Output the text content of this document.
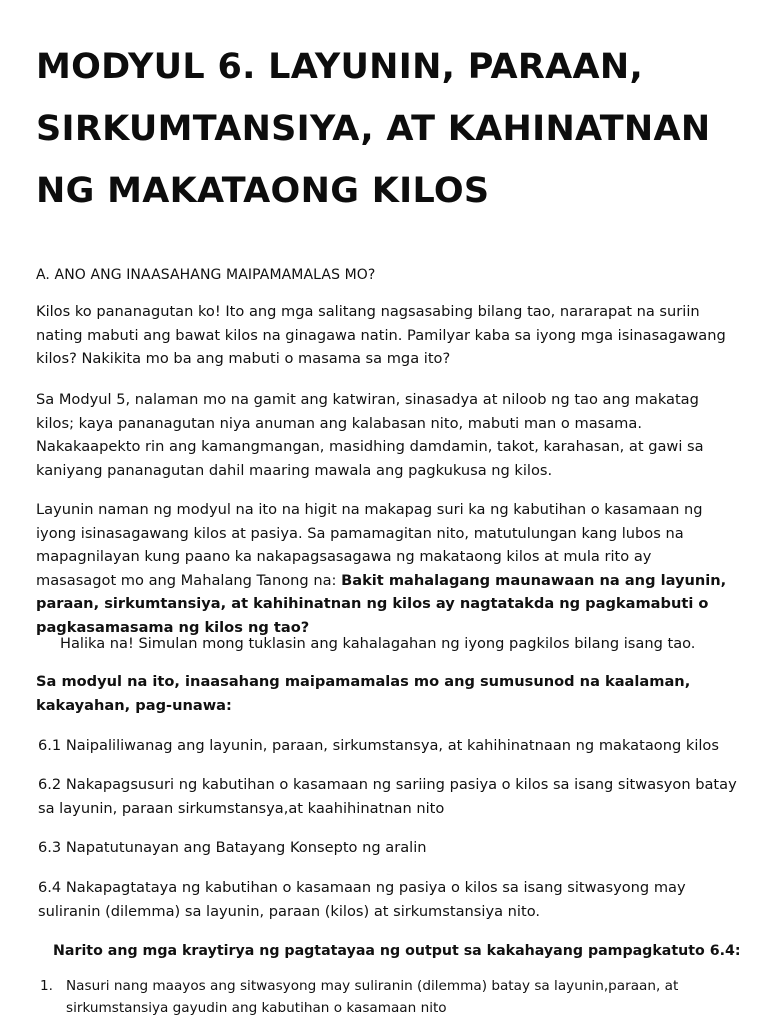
MODYUL 6. LAYUNIN, PARAAN,
SIRKUMTANSIYA, AT KAHINATNAN
NG MAKATAONG KILOS
A. ANO ANG INAASAHANG MAIPAMAMALAS MO?

Kilos ko pananagutan ko! Ito ang mga salitang nagsasabing bilang tao, nararapat na suriin nating mabuti ang bawat kilos na ginagawa natin. Pamilyar kaba sa iyong mga isinasagawang kilos? Nakikita mo ba ang mabuti o masama sa mga ito?

Sa Modyul 5, nalaman mo na gamit ang katwiran, sinasadya at niloob ng tao ang makatag kilos; kaya pananagutan niya anuman ang kalabasan nito, mabuti man o masama. Nakakaapekto rin ang kamangmangan, masidhing damdamin, takot, karahasan, at gawi sa kaniyang pananagutan dahil maaring mawala ang pagkukusa ng kilos.

Layunin naman ng modyul na ito na higit na makapag suri ka ng kabutihan o kasamaan ng iyong isinasagawang kilos at pasiya. Sa pamamagitan nito, matutulungan kang lubos na mapagnilayan kung paano ka nakapagsasagawa ng makataong kilos at mula rito ay masasagot mo ang Mahalang Tanong na: Bakit mahalagang maunawaan na ang layunin, paraan, sirkumtansiya, at kahihinatnan ng kilos ay nagtatakda ng pagkamabuti o pagkasamasama ng kilos ng tao?

Halika na! Simulan mong tuklasin ang kahalagahan ng iyong pagkilos bilang isang tao.

Sa modyul na ito, inaasahang maipamamalas mo ang sumusunod na kaalaman, kakayahan, pag-unawa:

6.1 Naipaliliwanag ang layunin, paraan, sirkumstansya, at kahihinatnaan ng makataong kilos

6.2 Nakapagsusuri ng kabutihan o kasamaan ng sariing pasiya o kilos sa isang sitwasyon batay sa layunin, paraan sirkumstansya,at kaahihinatnan nito

6.3 Napatutunayan ang Batayang Konsepto ng aralin

6.4 Nakapagtataya ng kabutihan o kasamaan ng pasiya o kilos sa isang sitwasyong may suliranin (dilemma) sa layunin, paraan (kilos) at sirkumstansiya nito.

Narito ang mga kraytirya ng pagtatayaa ng output sa kakahayang pampagkatuto 6.4:

1. Nasuri nang maayos ang sitwasyong may suliranin (dilemma) batay sa layunin,paraan, at sirkumstansiya gayudin ang kabutihan o kasamaan nito
